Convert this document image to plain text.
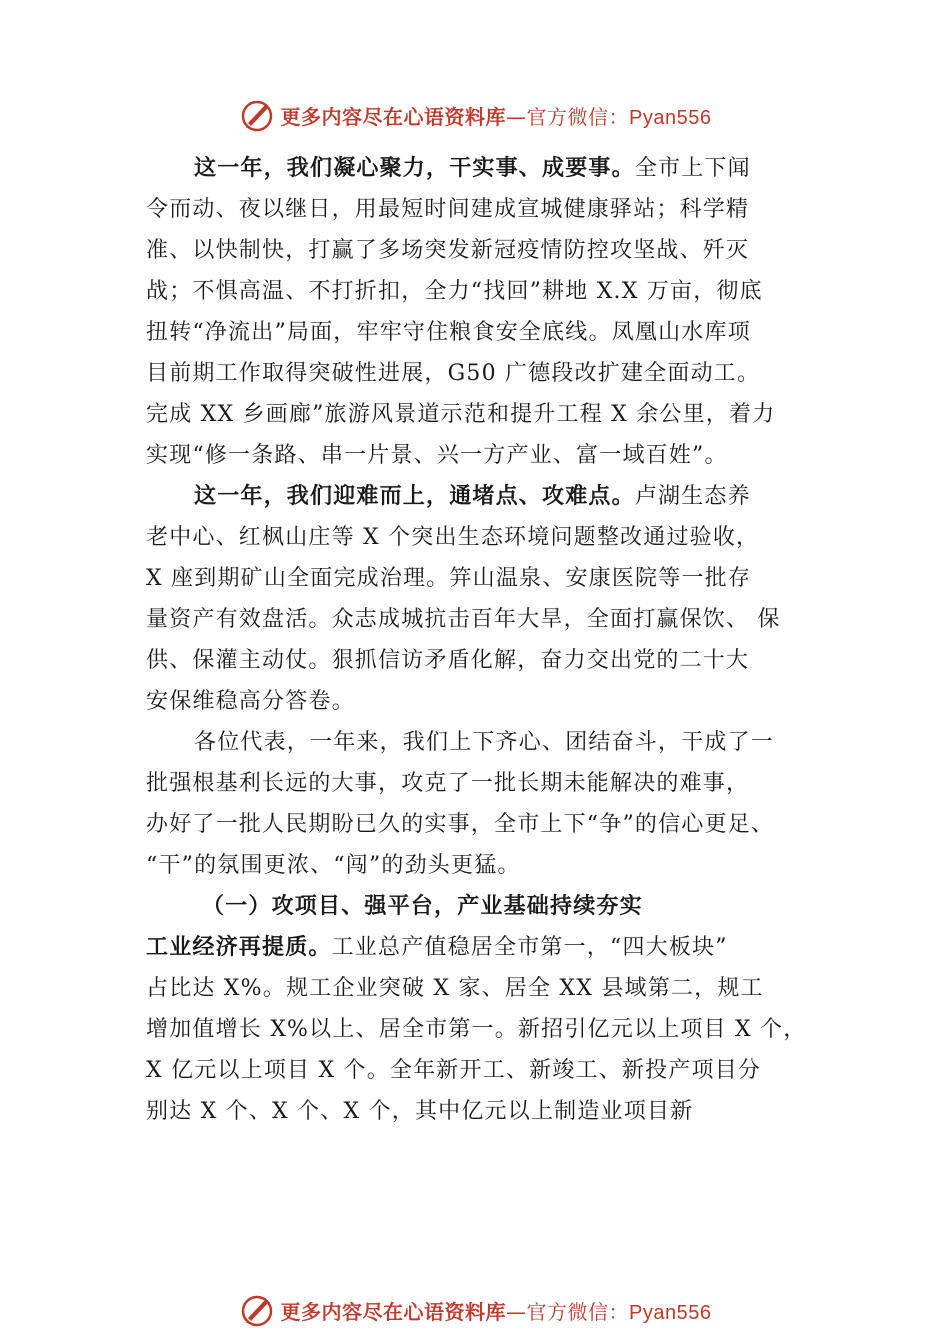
更多内容尽在心语资料库—官方微信：Pyan556
这一年，我们凝心聚力，干实事、成要事。全市上下闻
令而动、夜以继日，用最短时间建成宣城健康驿站；科学精
准、以快制快，打赢了多场突发新冠疫情防控攻坚战、歼灭
战；不惧高温、不打折扣，全力“找回”耕地 X.X 万亩，彻底
扭转“净流出”局面，牢牢守住粮食安全底线。凤凰山水库项
目前期工作取得突破性进展，G50 广德段改扩建全面动工。
完成 XX 乡画廊”旅游风景道示范和提升工程 X 余公里，着力
实现“修一条路、串一片景、兴一方产业、富一域百姓”。
这一年，我们迎难而上，通堵点、攻难点。卢湖生态养
老中心、红枫山庄等 X 个突出生态环境问题整改通过验收，
X 座到期矿山全面完成治理。笄山温泉、安康医院等一批存
量资产有效盘活。众志成城抗击百年大旱，全面打赢保饮、 保
供、保灌主动仗。狠抓信访矛盾化解，奋力交出党的二十大
安保维稳高分答卷。
各位代表，一年来，我们上下齐心、团结奋斗，干成了一
批强根基利长远的大事，攻克了一批长期未能解决的难事，
办好了一批人民期盼已久的实事，全市上下“争”的信心更足、
“干”的氛围更浓、“闯”的劲头更猛。
（一）攻项目、强平台，产业基础持续夯实
工业经济再提质。工业总产值稳居全市第一，“四大板块”
占比达 X%。规工企业突破 X 家、居全 XX 县域第二，规工
增加值增长 X%以上、居全市第一。新招引亿元以上项目 X 个，
X 亿元以上项目 X 个。全年新开工、新竣工、新投产项目分
别达 X 个、X 个、X 个，其中亿元以上制造业项目新
更多内容尽在心语资料库—官方微信：Pyan556
